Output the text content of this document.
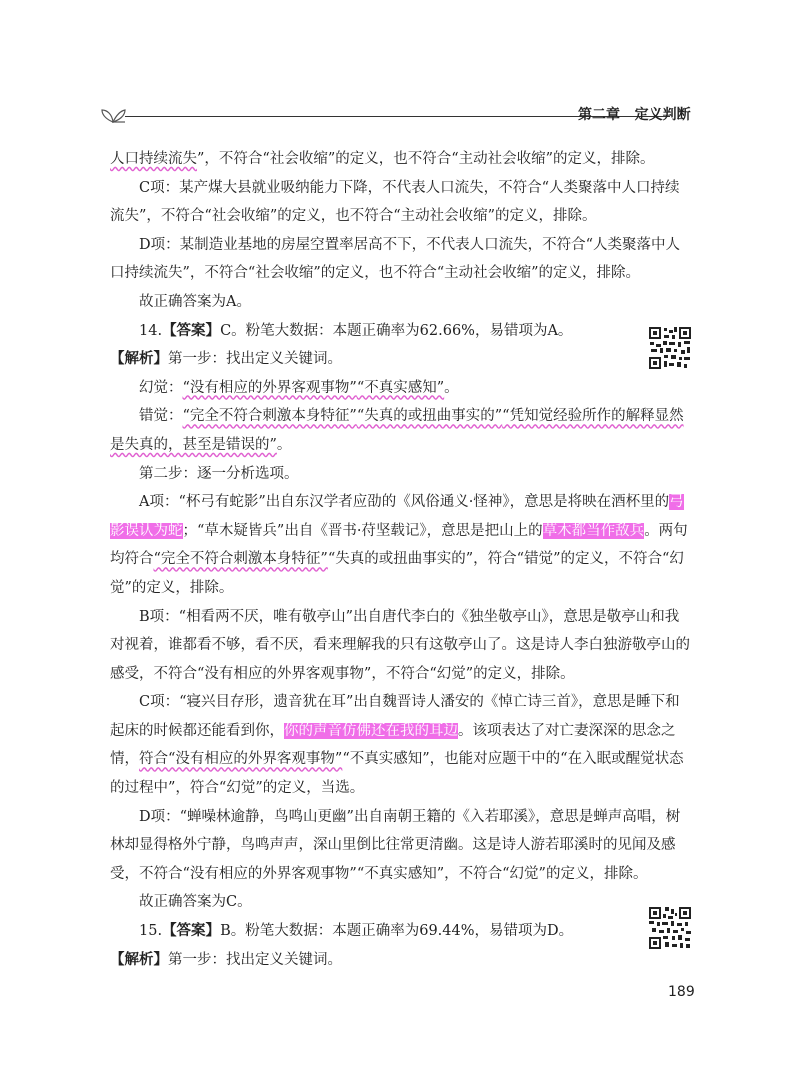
第二章 定义判断

人口持续流失”，不符合“社会收缩”的定义，也不符合“主动社会收缩”的定义，排除。

C项：某产煤大县就业吸纳能力下降，不代表人口流失，不符合“人类聚落中人口持续流失”，不符合“社会收缩”的定义，也不符合“主动社会收缩”的定义，排除。

D项：某制造业基地的房屋空置率居高不下，不代表人口流失，不符合“人类聚落中人口持续流失”，不符合“社会收缩”的定义，也不符合“主动社会收缩”的定义，排除。

故正确答案为A。

14.【答案】C。粉笔大数据：本题正确率为62.66%，易错项为A。

【解析】第一步：找出定义关键词。

幻觉：“没有相应的外界客观事物”“不真实感知”。

错觉：“完全不符合刺激本身特征”“失真的或扭曲事实的”“凭知觉经验所作的解释显然是失真的，甚至是错误的”。

第二步：逐一分析选项。

A项：“杯弓有蛇影”出自东汉学者应劭的《风俗通义·怪神》，意思是将映在酒杯里的弓影误认为蛇；“草木疑皆兵”出自《晋书·苻坚载记》，意思是把山上的草木都当作敌兵。两句均符合“完全不符合刺激本身特征”“失真的或扭曲事实的”，符合“错觉”的定义，不符合“幻觉”的定义，排除。

B项：“相看两不厌，唯有敬亭山”出自唐代李白的《独坐敬亭山》，意思是敬亭山和我对视着，谁都看不够，看不厌，看来理解我的只有这敬亭山了。这是诗人李白独游敬亭山的感受，不符合“没有相应的外界客观事物”，不符合“幻觉”的定义，排除。

C项：“寝兴目存形，遗音犹在耳”出自魏晋诗人潘安的《悼亡诗三首》，意思是睡下和起床的时候都还能看到你，你的声音仿佛还在我的耳边。该项表达了对亡妻深深的思念之情，符合“没有相应的外界客观事物”“不真实感知”，也能对应题干中的“在入眠或醒觉状态的过程中”，符合“幻觉”的定义，当选。

D项：“蝉噪林逾静，鸟鸣山更幽”出自南朝王籍的《入若耶溪》，意思是蝉声高唱，树林却显得格外宁静，鸟鸣声声，深山里倒比往常更清幽。这是诗人游若耶溪时的见闻及感受，不符合“没有相应的外界客观事物”“不真实感知”，不符合“幻觉”的定义，排除。

故正确答案为C。

15.【答案】B。粉笔大数据：本题正确率为69.44%，易错项为D。

【解析】第一步：找出定义关键词。

189
